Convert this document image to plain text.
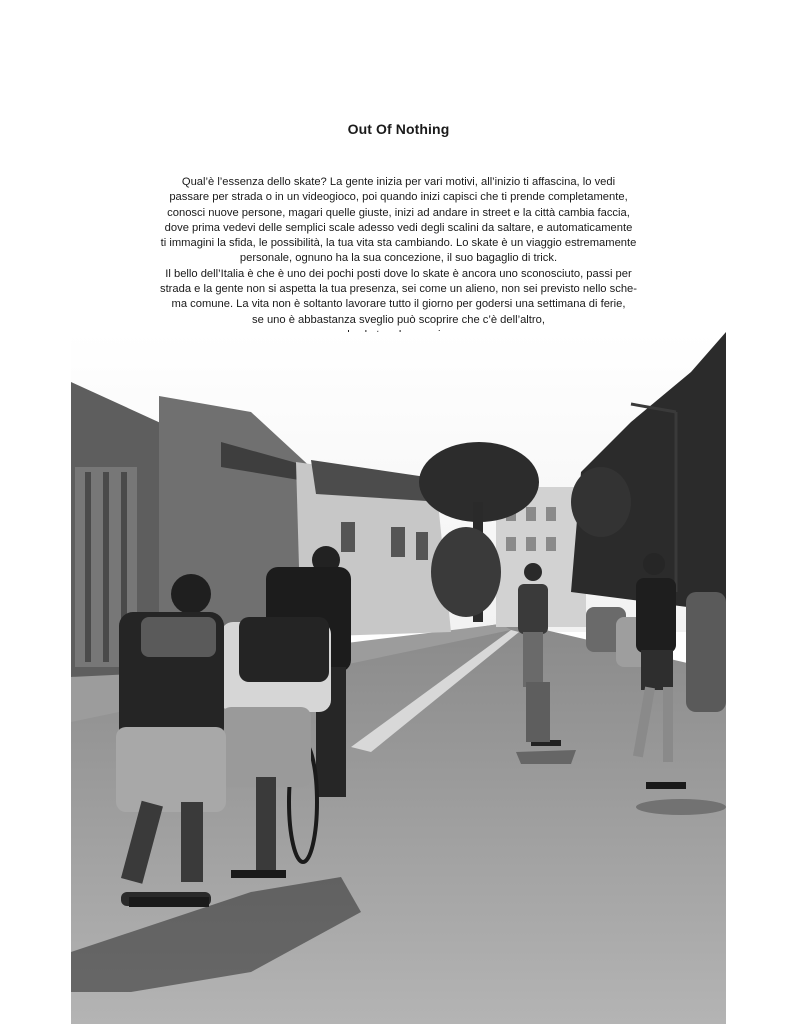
Out Of Nothing
Qual’è l’essenza dello skate? La gente inizia per vari motivi, all’inizio ti affascina, lo vedi
passare per strada o in un videogioco, poi quando inizi capisci che ti prende completamente,
conosci nuove persone, magari quelle giuste, inizi ad andare in street e la città cambia faccia,
dove prima vedevi delle semplici scale adesso vedi degli scalini da saltare, e automaticamente
ti immagini la sfida, le possibilità, la tua vita sta cambiando. Lo skate è un viaggio estremamente
personale, ognuno ha la sua concezione, il suo bagaglio di trick.
Il bello dell’Italia è che è uno dei pochi posti dove lo skate è ancora uno sconosciuto, passi per
strada e la gente non si aspetta la tua presenza, sei come un alieno, non sei previsto nello sche-
ma comune. La vita non è soltanto lavorare tutto il giorno per godersi una settimana di ferie,
se uno è abbastanza sveglio può scoprire che c’è dell’altro,
